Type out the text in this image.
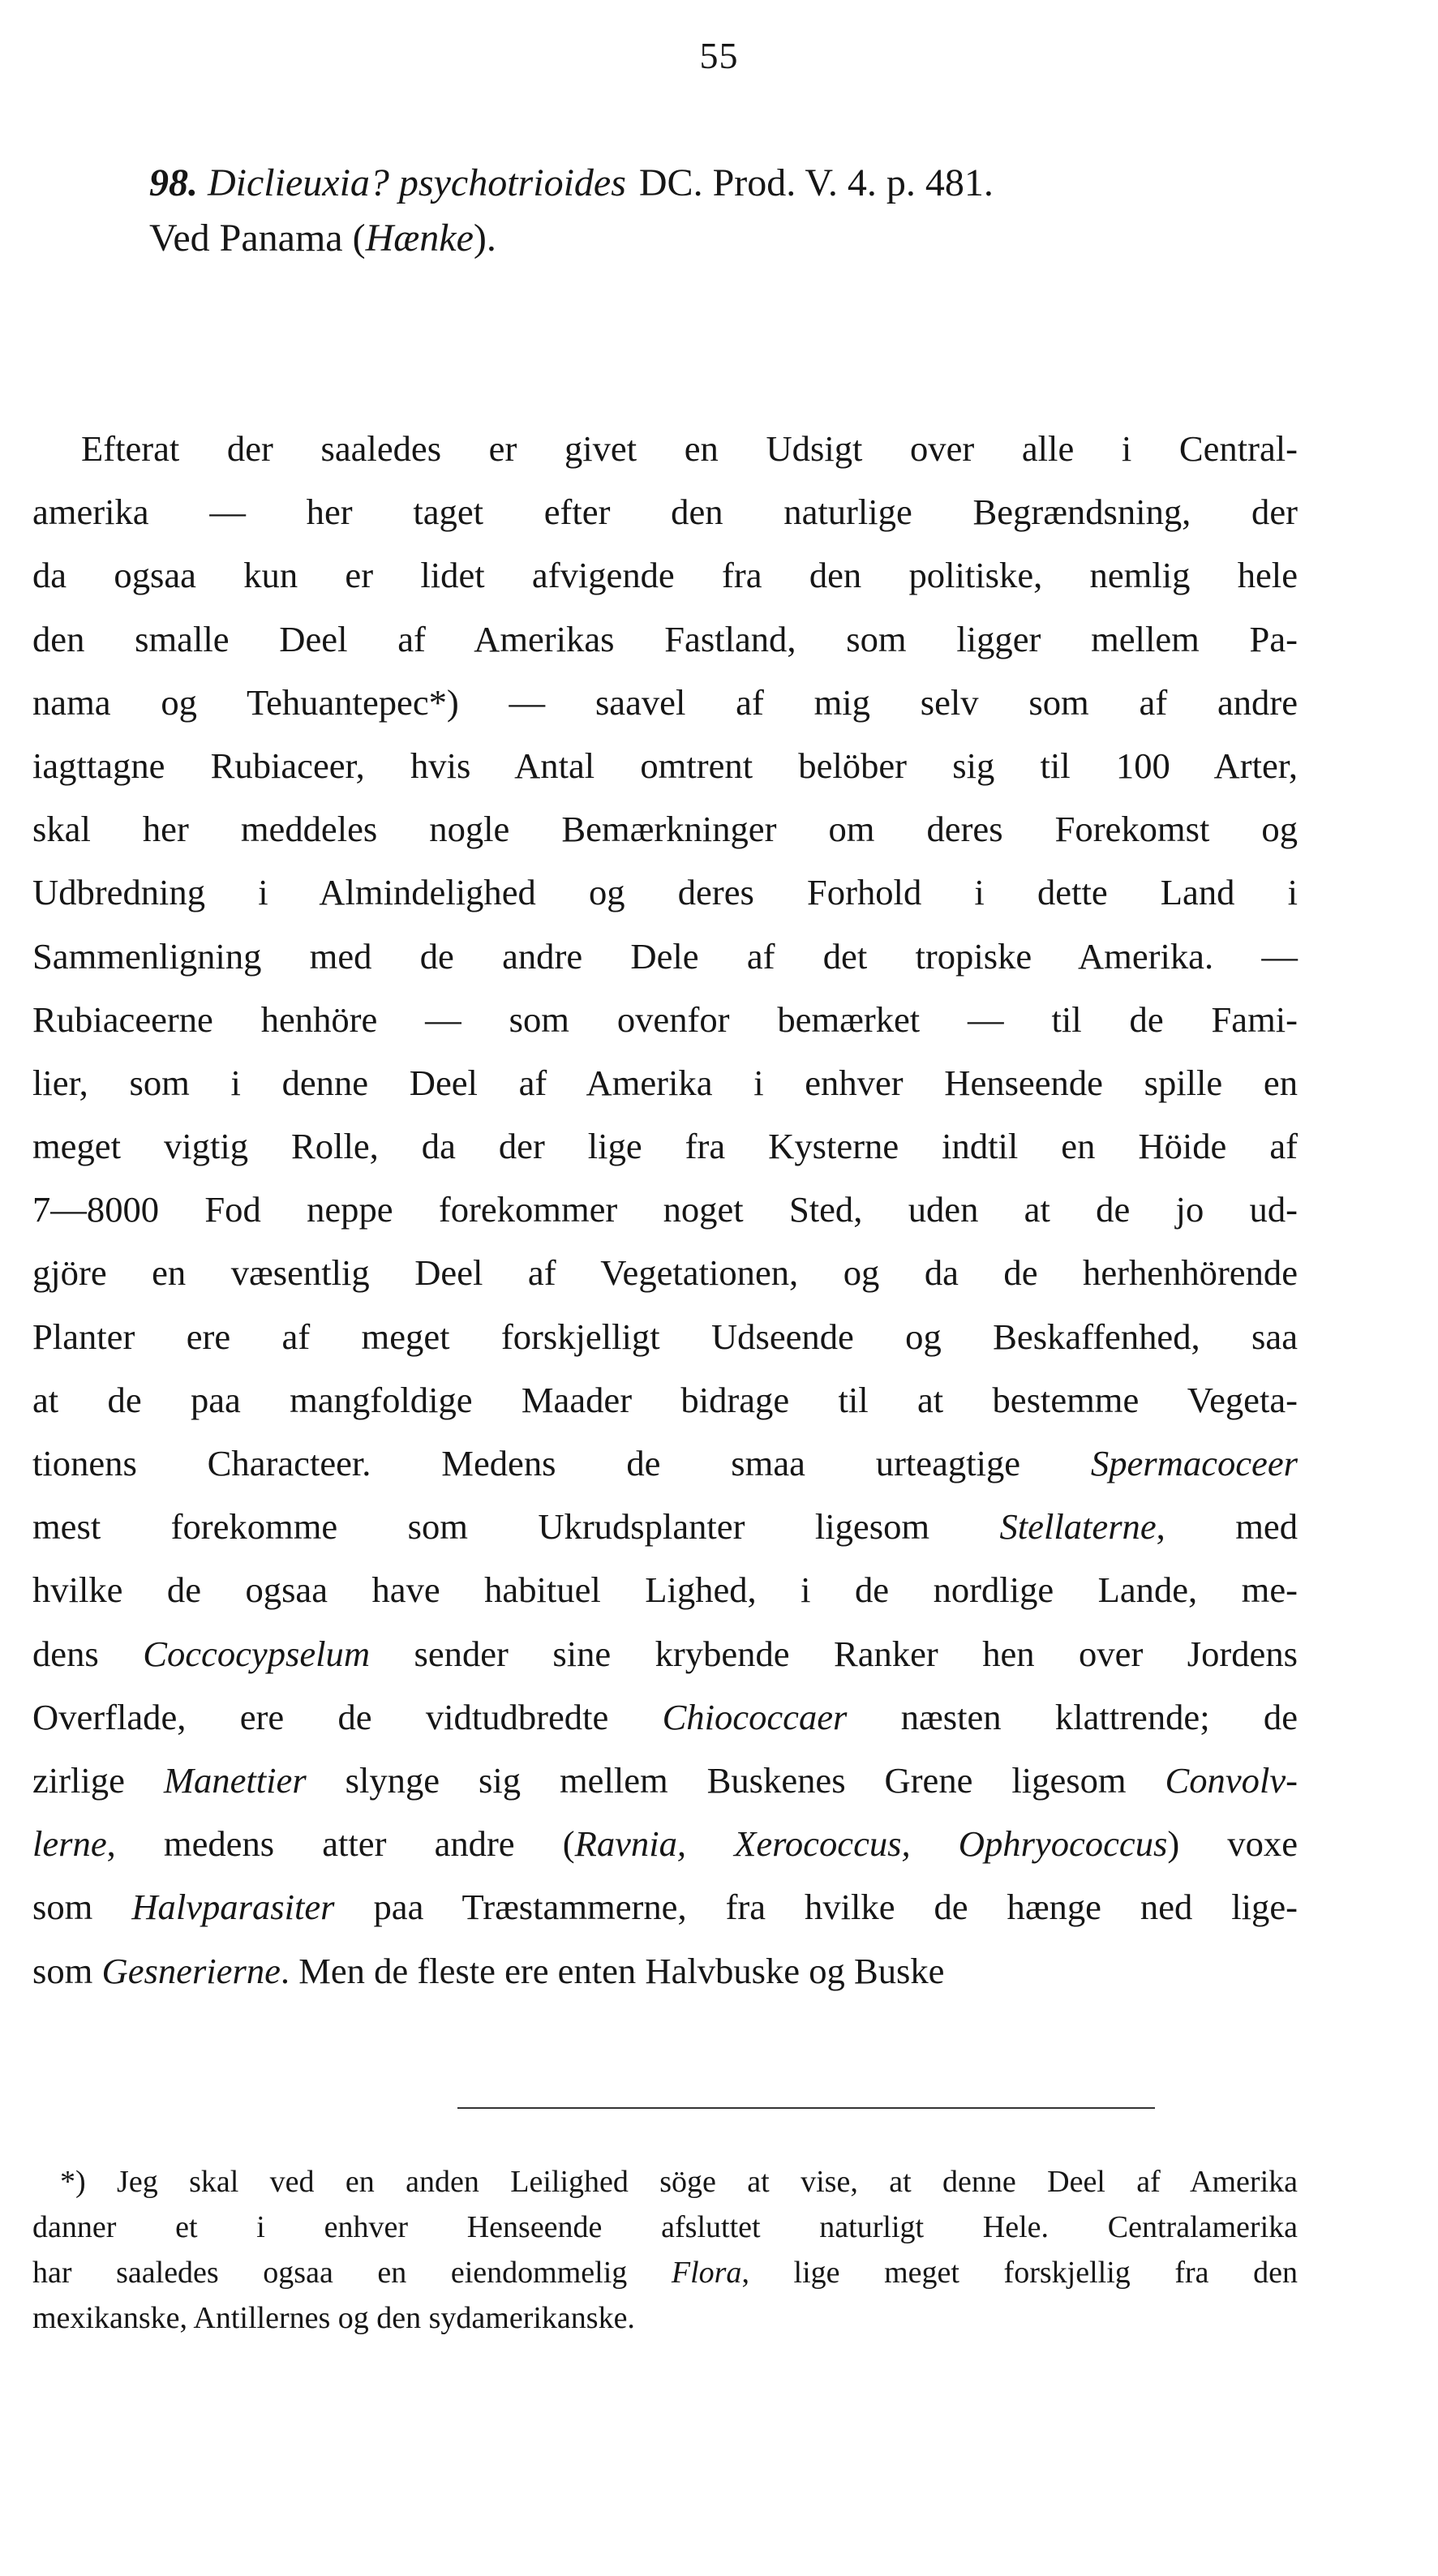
55
98. Diclieuxia? psychotrioides DC. Prod. V. 4. p. 481.
Ved Panama (Hænke).
Efterat der saaledes er givet en Udsigt over alle i Central-
amerika — her taget efter den naturlige Begrændsning, der
da ogsaa kun er lidet afvigende fra den politiske, nemlig hele
den smalle Deel af Amerikas Fastland, som ligger mellem Pa-
nama og Tehuantepec*) — saavel af mig selv som af andre
iagttagne Rubiaceer, hvis Antal omtrent belöber sig til 100 Arter,
skal her meddeles nogle Bemærkninger om deres Forekomst og
Udbredning i Almindelighed og deres Forhold i dette Land i
Sammenligning med de andre Dele af det tropiske Amerika. —
Rubiaceerne henhöre — som ovenfor bemærket — til de Fami-
lier, som i denne Deel af Amerika i enhver Henseende spille en
meget vigtig Rolle, da der lige fra Kysterne indtil en Höide af
7—8000 Fod neppe forekommer noget Sted, uden at de jo ud-
gjöre en væsentlig Deel af Vegetationen, og da de herhenhörende
Planter ere af meget forskjelligt Udseende og Beskaffenhed, saa
at de paa mangfoldige Maader bidrage til at bestemme Vegeta-
tionens Characteer. Medens de smaa urteagtige Spermacoceer
mest forekomme som Ukrudsplanter ligesom Stellaterne, med
hvilke de ogsaa have habituel Lighed, i de nordlige Lande, me-
dens Coccocypselum sender sine krybende Ranker hen over Jordens
Overflade, ere de vidtudbredte Chiococcaer næsten klattrende; de
zirlige Manettier slynge sig mellem Buskenes Grene ligesom Convolv-
lerne, medens atter andre (Ravnia, Xerococcus, Ophryococcus) voxe
som Halvparasiter paa Træstammerne, fra hvilke de hænge ned lige-
som Gesnerierne. Men de fleste ere enten Halvbuske og Buske
*) Jeg skal ved en anden Leilighed söge at vise, at denne Deel af Amerika
danner et i enhver Henseende afsluttet naturligt Hele. Centralamerika
har saaledes ogsaa en eiendommelig Flora, lige meget forskjellig fra den
mexikanske, Antillernes og den sydamerikanske.
